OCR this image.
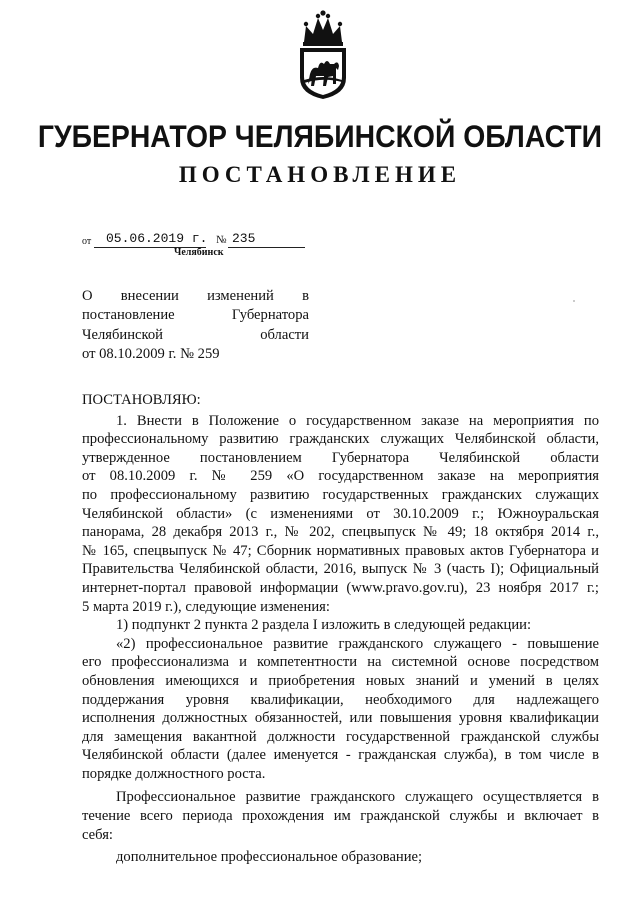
ГУБЕРНАТОР ЧЕЛЯБИНСКОЙ ОБЛАСТИ
ПОСТАНОВЛЕНИЕ
от 05.06.2019 г. № 235
Челябинск
О внесении изменений в
постановление	Губернатора
Челябинской	области
от 08.10.2009 г. № 259

ПОСТАНОВЛЯЮ:

1. Внести в Положение о государственном заказе на мероприятия по

профессиональному развитию гражданских служащих Челябинской области,

утвержденное постановлением Губернатора Челябинской области

от 08.10.2009 г. № 259 «О государственном заказе на мероприятия

по профессиональному развитию государственных гражданских служащих

Челябинской области» (с изменениями от 30.10.2009 г.; Южноуральская

панорама, 28 декабря 2013 г., № 202, спецвыпуск № 49; 18 октября 2014 г.,

№ 165, спецвыпуск № 47; Сборник нормативных правовых актов Губернатора и

Правительства Челябинской области, 2016, выпуск № 3 (часть I); Официальный

интернет-портал правовой информации (www.pravo.gov.ru), 23 ноября 2017 г.;

5 марта 2019 г.), следующие изменения:

1) подпункт 2 пункта 2 раздела I изложить в следующей редакции:

«2) профессиональное развитие гражданского служащего - повышение

его профессионализма и компетентности на системной основе посредством

обновления имеющихся и приобретения новых знаний и умений в целях

поддержания уровня квалификации, необходимого для надлежащего

исполнения должностных обязанностей, или повышения уровня квалификации

для замещения вакантной должности государственной гражданской службы

Челябинской области (далее именуется - гражданская служба), в том числе в

порядке должностного роста.

Профессиональное развитие гражданского служащего осуществляется в

течение всего периода прохождения им гражданской службы и включает в

себя:

дополнительное профессиональное образование;
